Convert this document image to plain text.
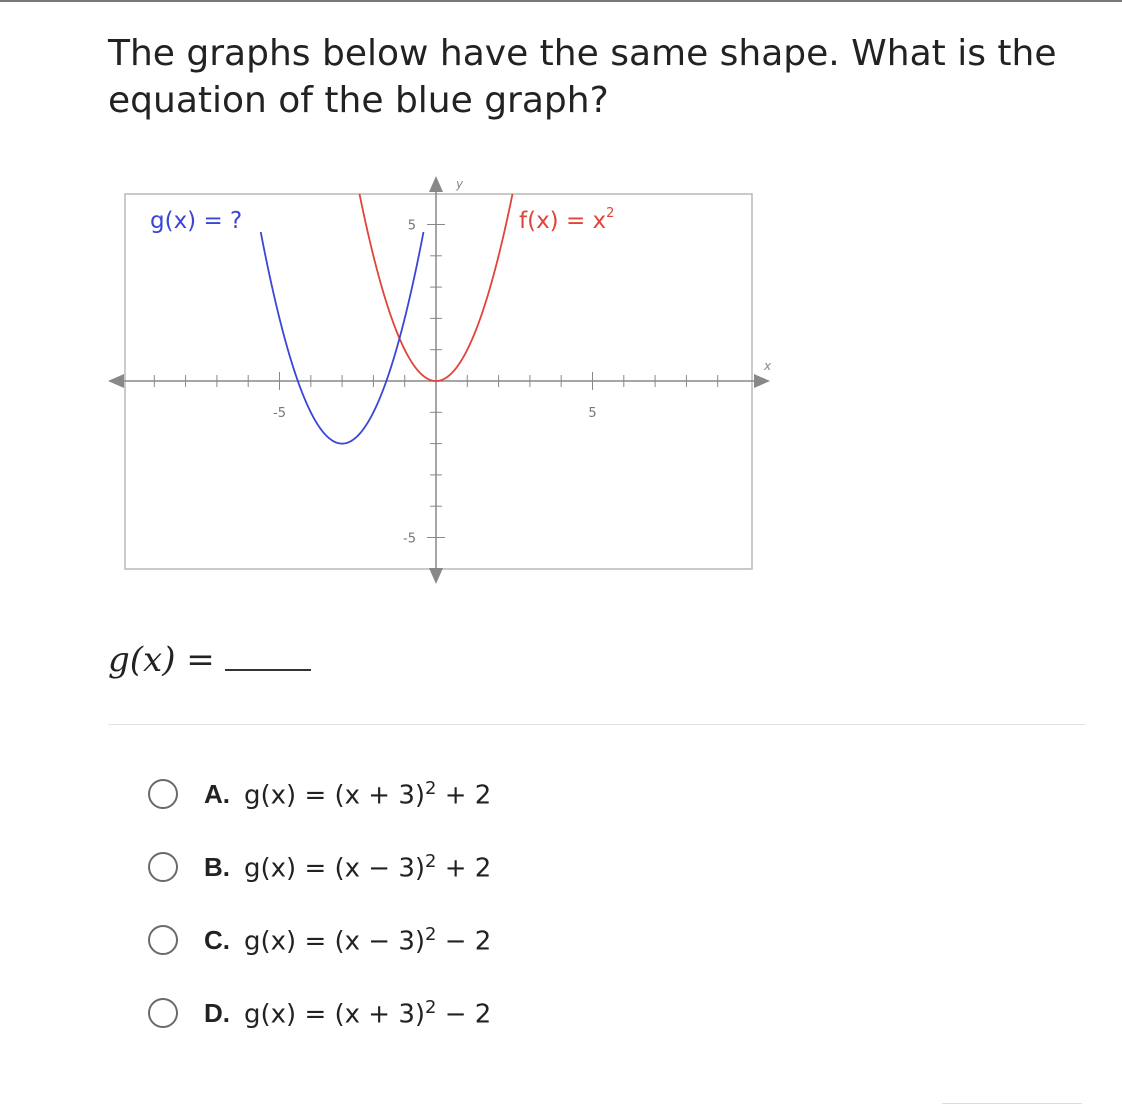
The graphs below have the same shape. What is the
equation of the blue graph?
x
y
-5	5
5
-5
g(x) = ?	$f(x) = x^2$
g(x) =
A. $g(x) = (x + 3)^2 + 2$
B. $g(x) = (x - 3)^2 + 2$
C. $g(x) = (x - 3)^2 - 2$
D. $g(x) = (x + 3)^2 - 2$
